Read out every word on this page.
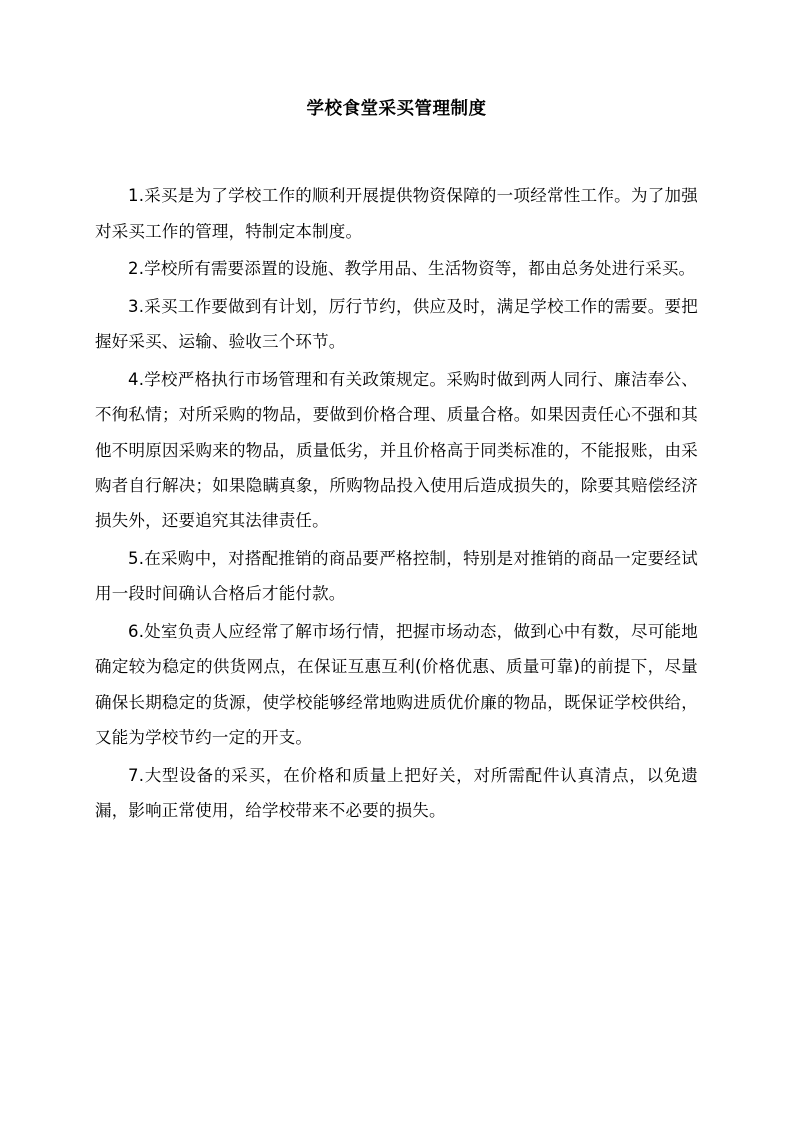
学校食堂采买管理制度

1.采买是为了学校工作的顺利开展提供物资保障的一项经常性工作。为了加强对采买工作的管理，特制定本制度。

2.学校所有需要添置的设施、教学用品、生活物资等，都由总务处进行采买。

3.采买工作要做到有计划，厉行节约，供应及时，满足学校工作的需要。要把握好采买、运输、验收三个环节。

4.学校严格执行市场管理和有关政策规定。采购时做到两人同行、廉洁奉公、不徇私情；对所采购的物品，要做到价格合理、质量合格。如果因责任心不强和其他不明原因采购来的物品，质量低劣，并且价格高于同类标准的，不能报账，由采购者自行解决；如果隐瞒真象，所购物品投入使用后造成损失的，除要其赔偿经济损失外，还要追究其法律责任。

5.在采购中，对搭配推销的商品要严格控制，特别是对推销的商品一定要经试用一段时间确认合格后才能付款。

6.处室负责人应经常了解市场行情，把握市场动态，做到心中有数，尽可能地确定较为稳定的供货网点，在保证互惠互利(价格优惠、质量可靠)的前提下，尽量确保长期稳定的货源，使学校能够经常地购进质优价廉的物品，既保证学校供给，又能为学校节约一定的开支。

7.大型设备的采买，在价格和质量上把好关，对所需配件认真清点，以免遗漏，影响正常使用，给学校带来不必要的损失。
